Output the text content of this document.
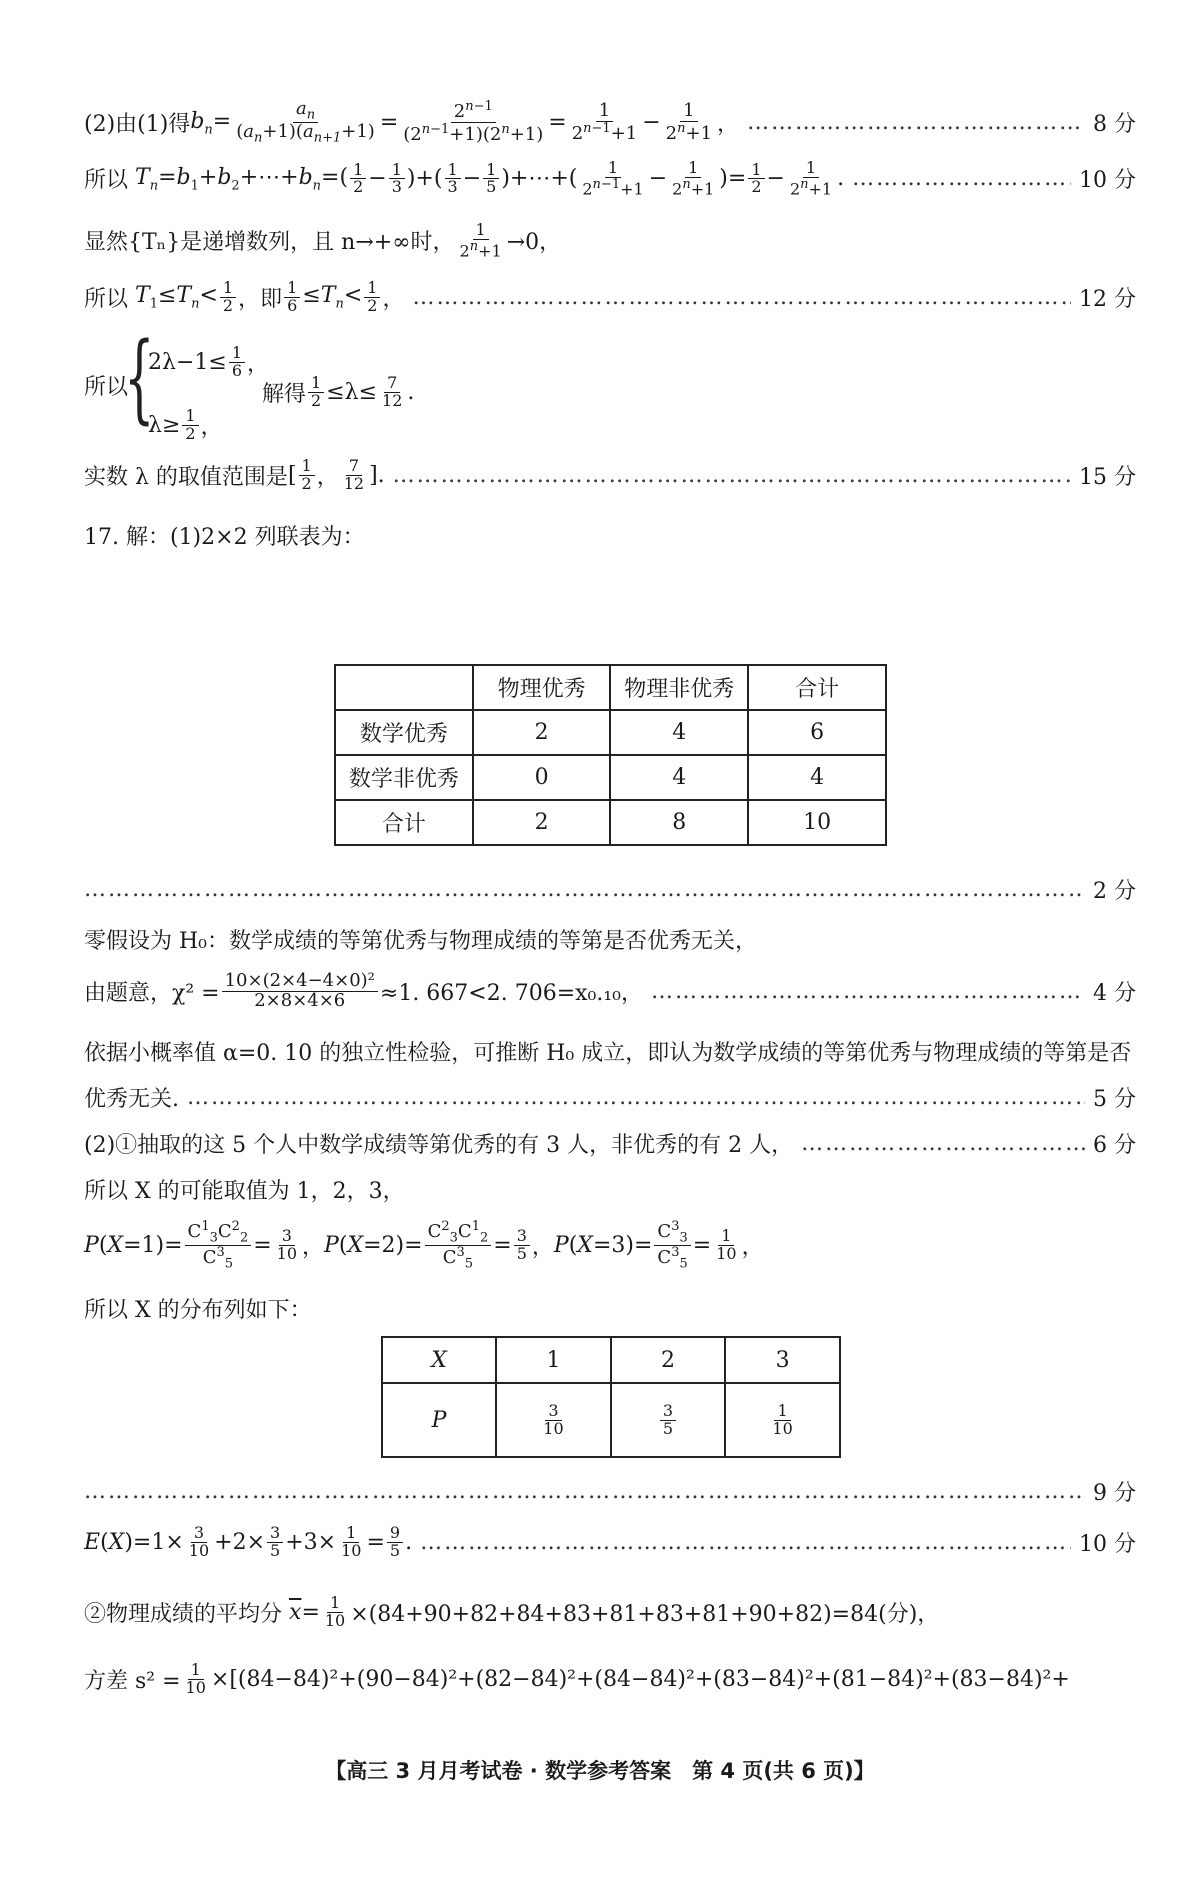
(2)由(1)得 $b_n= \frac{a_n}{(a_n+1)(a_{n+1}+1)} = \frac{2^{n-1}}{(2^{n-1}+1)(2^n+1)} = \frac{1}{2^{n-1}+1} - \frac{1}{2^n+1}$ ， …………………………………………………………………………………………………………………………………………………………………………………………………………………………………………	8 分
所以 $T_n=b_1+b_2+\cdots+b_n=( \frac{1}{2} - \frac{1}{3}$ )+( $\frac{1}{3} - \frac{1}{5}$ )+⋯+( $\frac{1}{2^{n-1}+1} - \frac{1}{2^n+1}$ )= $\frac{1}{2} - \frac{1}{2^n+1}$ . …………………………………………………………………………………………………………………………………………………………………………………………………………………………………………	10 分
显然{Tₙ}是递增数列，且 n→+∞时， $\frac{1}{2^n+1} \to 0$，
所以 $T_1\le T_n< \frac{1}{2}$ ，即 $\frac{1}{6} \le T_n< \frac{1}{2}$ ， …………………………………………………………………………………………………………………………………………………………………………………………………………………………………………	12 分
所以
{
$2\lambda-1\le \frac{1}{6}$ ，
$\lambda\ge \frac{1}{2}$ ，
解得 $\frac{1}{2} \le\lambda\le \frac{7}{12}$ .
实数 λ 的取值范围是 [ $\frac{1}{2}$ ， $\frac{7}{12}$ ]. …………………………………………………………………………………………………………………………………………………………………………………………………………………………………………	15 分
17. 解：(1)2×2 列联表为：
	物理优秀	物理非优秀	合计
数学优秀	2	4	6
数学非优秀	0	4	4
合计	2	8	10
…………………………………………………………………………………………………………………………………………………………………………………………………………………………………………
2 分
零假设为 H₀：数学成绩的等第优秀与物理成绩的等第是否优秀无关，
由题意，$\chi^2 = \frac{\text{10×(2×4−4×0)²}}{2\times 8\times 4\times 6} \approx 1$. 667<2. 706=x₀.₁₀， …………………………………………………………………………………………………………………………………………………………………………………………………………………………………………	4 分
依据小概率值 α=0. 10 的独立性检验，可推断 H₀ 成立，即认为数学成绩的等第优秀与物理成绩的等第是否
优秀无关. …………………………………………………………………………………………………………………………………………………………………………………………………………………………………………	5 分
(2)①抽取的这 5 个人中数学成绩等第优秀的有 3 人，非优秀的有 2 人， …………………………………………………………………………………………………………………………………………………………………………………………………………………………………………	6 分
所以 X 的可能取值为 1，2，3，
$P(X=1)= \frac{C^1_3C^2_2}{C^3_5} = \frac{3}{10}$ ， $P(X=2)= \frac{C^2_3C^1_2}{C^3_5} = \frac{3}{5}$ ， $P(X=3)= \frac{C^3_3}{C^3_5} = \frac{1}{10}$ ，
所以 X 的分布列如下：
X	1	2	3
P	$\frac{3}{10}$	$\frac{3}{5}$	$\frac{1}{10}$
…………………………………………………………………………………………………………………………………………………………………………………………………………………………………………
9 分
$E(X)=1\times \frac{3}{10} +2\times \frac{3}{5} +3\times \frac{1}{10} = \frac{9}{5}$ . …………………………………………………………………………………………………………………………………………………………………………………………………………………………………………	10 分
②物理成绩的平均分 $\overline{x}= \frac{1}{10} \times(84+90+82+84+83+81+83+81+90+82)=84$(分)，
方差 $s^2 = \frac{1}{10} \times[(84-84)^2+(90-84)^2+(82-84)^2+(84-84)^2+(83-84)^2+(81-84)^2+(83-84)^2+$
【高三 3 月月考试卷 · 数学参考答案　第 4 页(共 6 页)】
